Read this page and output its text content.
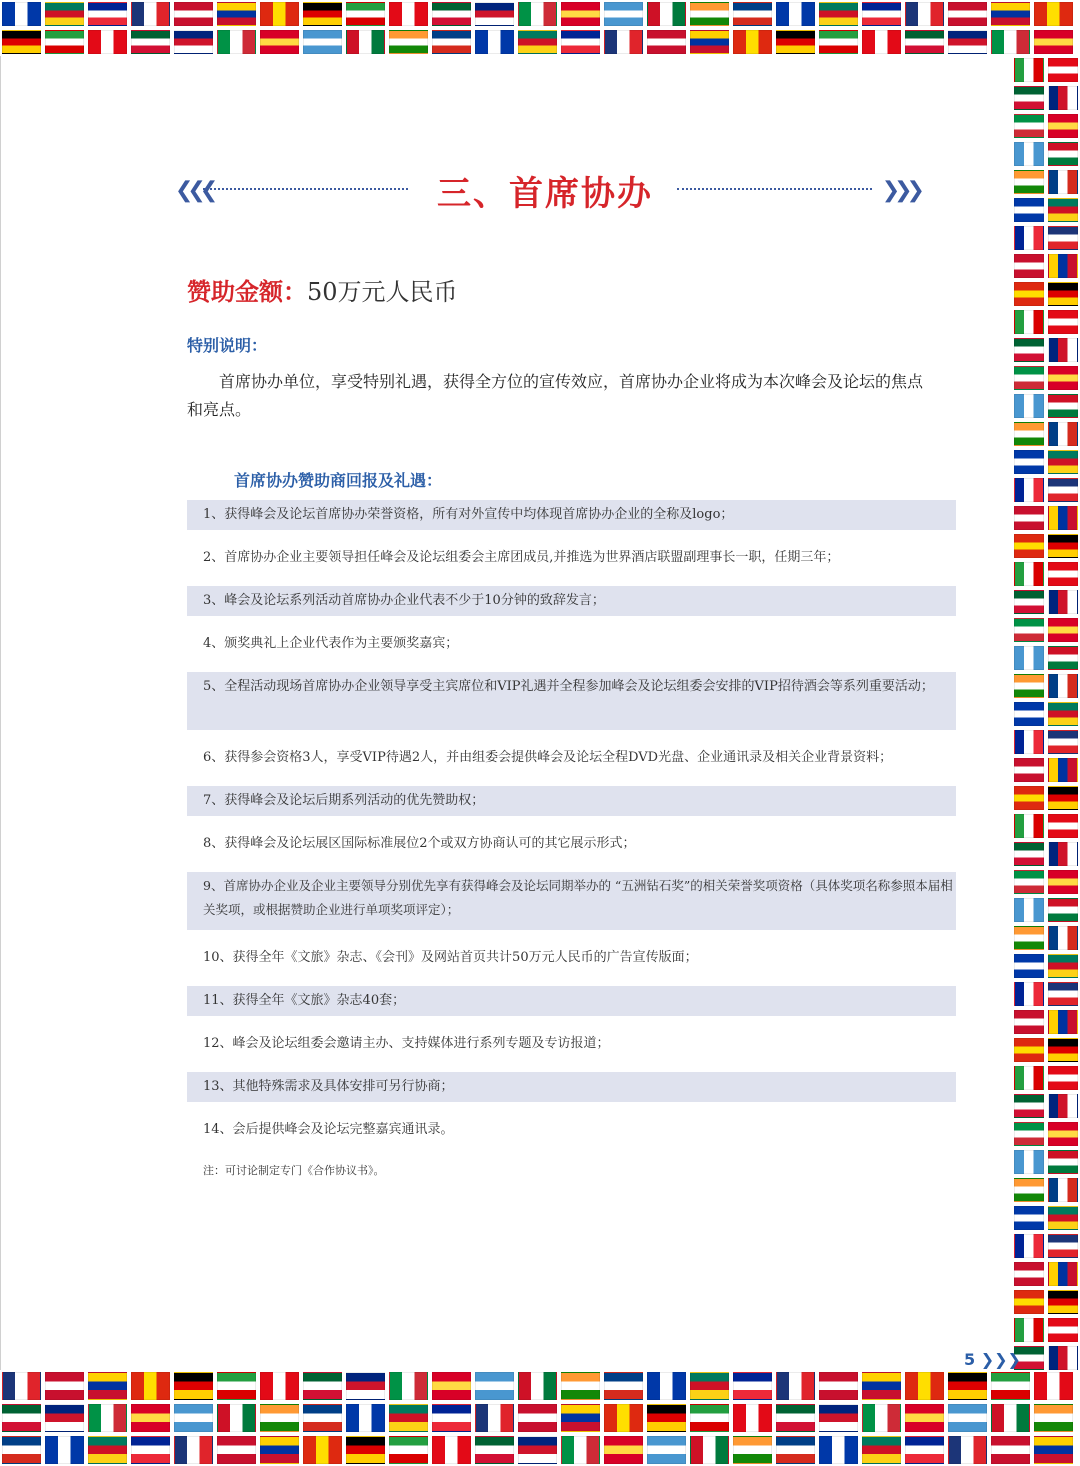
❮❮❮	三、首席协办	❯❯❯
赞助金额：50万元人民币
特别说明：
首席协办单位，享受特别礼遇，获得全方位的宣传效应，首席协办企业将成为本次峰会及论坛的焦点和亮点。
首席协办赞助商回报及礼遇：
1、获得峰会及论坛首席协办荣誉资格，所有对外宣传中均体现首席协办企业的全称及logo；
2、首席协办企业主要领导担任峰会及论坛组委会主席团成员,并推选为世界酒店联盟副理事长一职，任期三年；
3、峰会及论坛系列活动首席协办企业代表不少于10分钟的致辞发言；
4、颁奖典礼上企业代表作为主要颁奖嘉宾；
5、全程活动现场首席协办企业领导享受主宾席位和VIP礼遇并全程参加峰会及论坛组委会安排的VIP招待酒会等系列重要活动；
6、获得参会资格3人，享受VIP待遇2人，并由组委会提供峰会及论坛全程DVD光盘、企业通讯录及相关企业背景资料；
7、获得峰会及论坛后期系列活动的优先赞助权；
8、获得峰会及论坛展区国际标准展位2个或双方协商认可的其它展示形式；
9、首席协办企业及企业主要领导分别优先享有获得峰会及论坛同期举办的 “五洲钻石奖”的相关荣誉奖项资格（具体奖项名称参照本届相关奖项，或根据赞助企业进行单项奖项评定）；
10、获得全年《文旅》杂志、《会刊》及网站首页共计50万元人民币的广告宣传版面；
11、获得全年《文旅》杂志40套；
12、峰会及论坛组委会邀请主办、支持媒体进行系列专题及专访报道；
13、其他特殊需求及具体安排可另行协商；
14、会后提供峰会及论坛完整嘉宾通讯录。
注：可讨论制定专门《合作协议书》。
5 ❯❯❯
